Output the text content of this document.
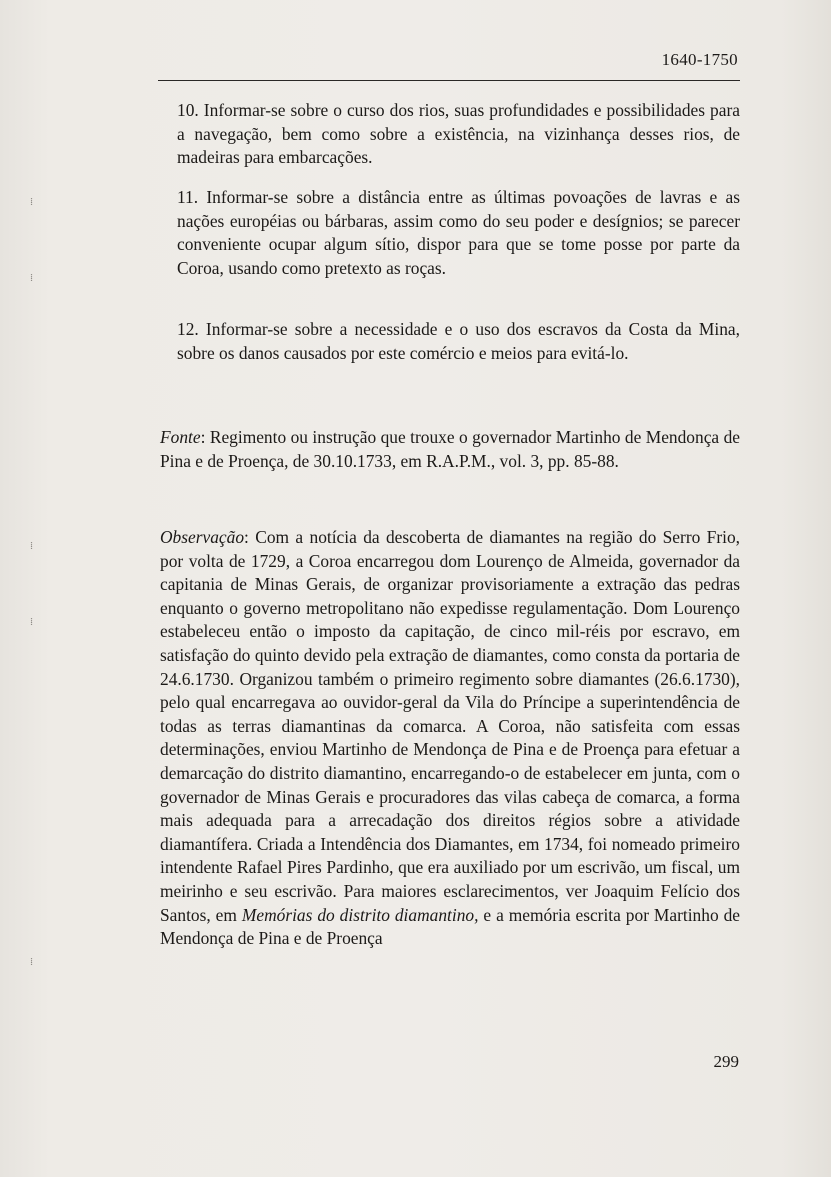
1640-1750
10. Informar-se sobre o curso dos rios, suas profundidades e possibilidades para a navegação, bem como sobre a existência, na vizinhança desses rios, de madeiras para embarcações.
11. Informar-se sobre a distância entre as últimas povoações de lavras e as nações européias ou bárbaras, assim como do seu poder e desígnios; se parecer conveniente ocupar algum sítio, dispor para que se tome posse por parte da Coroa, usando como pretexto as roças.
12. Informar-se sobre a necessidade e o uso dos escravos da Costa da Mina, sobre os danos causados por este comércio e meios para evitá-lo.
Fonte: Regimento ou instrução que trouxe o governador Martinho de Mendonça de Pina e de Proença, de 30.10.1733, em R.A.P.M., vol. 3, pp. 85-88.
Observação: Com a notícia da descoberta de diamantes na região do Serro Frio, por volta de 1729, a Coroa encarregou dom Lourenço de Almeida, governador da capitania de Minas Gerais, de organizar provisoriamente a extração das pedras enquanto o governo metropolitano não expedisse regulamentação. Dom Lourenço estabeleceu então o imposto da capitação, de cinco mil-réis por escravo, em satisfação do quinto devido pela extração de diamantes, como consta da portaria de 24.6.1730. Organizou também o primeiro regimento sobre diamantes (26.6.1730), pelo qual encarregava ao ouvidor-geral da Vila do Príncipe a superintendência de todas as terras diamantinas da comarca. A Coroa, não satisfeita com essas determinações, enviou Martinho de Mendonça de Pina e de Proença para efetuar a demarcação do distrito diamantino, encarregando-o de estabelecer em junta, com o governador de Minas Gerais e procuradores das vilas cabeça de comarca, a forma mais adequada para a arrecadação dos direitos régios sobre a atividade diamantífera. Criada a Intendência dos Diamantes, em 1734, foi nomeado primeiro intendente Rafael Pires Pardinho, que era auxiliado por um escrivão, um fiscal, um meirinho e seu escrivão. Para maiores esclarecimentos, ver Joaquim Felício dos Santos, em Memórias do distrito diamantino, e a memória escrita por Martinho de Mendonça de Pina e de Proença
299
⁞
⁞
⁞
⁞
⁞
